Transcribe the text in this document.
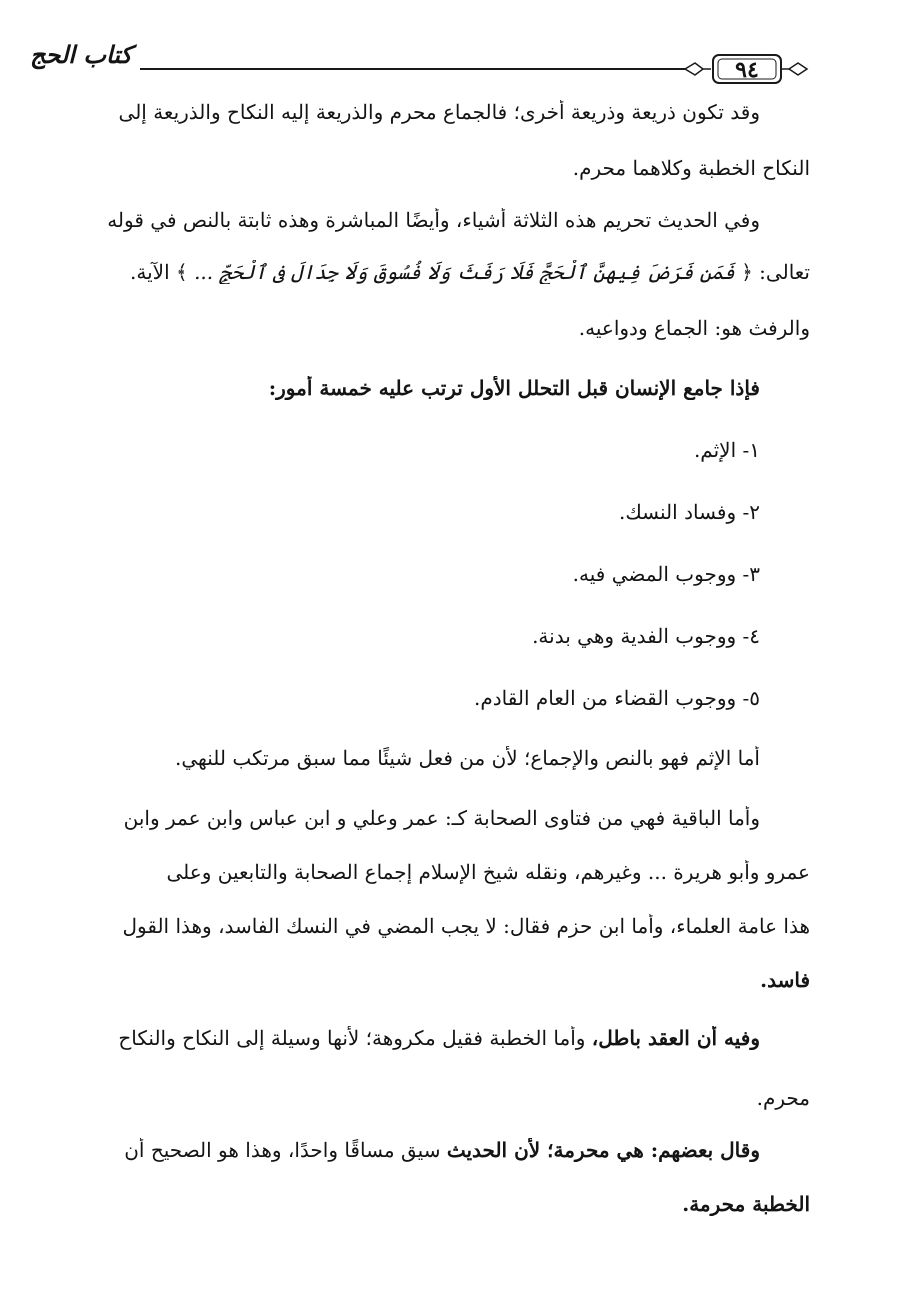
كتاب الحج
٩٤
وقد تكون ذريعة وذريعة أخرى؛ فالجماع محرم والذريعة إليه النكاح والذريعة إلى
النكاح الخطبة وكلاهما محرم.
وفي الحديث تحريم هذه الثلاثة أشياء، وأيضًا المباشرة وهذه ثابتة بالنص في قوله
تعالى: ﴿ فَمَن فَرَضَ فِيهِنَّ ٱلْحَجَّ فَلَا رَفَثَ وَلَا فُسُوقَ وَلَا جِدَالَ فِى ٱلْحَجِّ ... ﴾ الآية.
والرفث هو: الجماع ودواعيه.
فإذا جامع الإنسان قبل التحلل الأول ترتب عليه خمسة أمور:
١- الإثم.
٢- وفساد النسك.
٣- ووجوب المضي فيه.
٤- ووجوب الفدية وهي بدنة.
٥- ووجوب القضاء من العام القادم.
أما الإثم فهو بالنص والإجماع؛ لأن من فعل شيئًا مما سبق مرتكب للنهي.
وأما الباقية فهي من فتاوى الصحابة كـ: عمر وعلي و ابن عباس وابن عمر وابن
عمرو وأبو هريرة ... وغيرهم، ونقله شيخ الإسلام إجماع الصحابة والتابعين وعلى
هذا عامة العلماء، وأما ابن حزم فقال: لا يجب المضي في النسك الفاسد، وهذا القول
فاسد.
وفيه أن العقد باطل، وأما الخطبة فقيل مكروهة؛ لأنها وسيلة إلى النكاح والنكاح
محرم.
وقال بعضهم: هي محرمة؛ لأن الحديث سيق مساقًا واحدًا، وهذا هو الصحيح أن
الخطبة محرمة.
